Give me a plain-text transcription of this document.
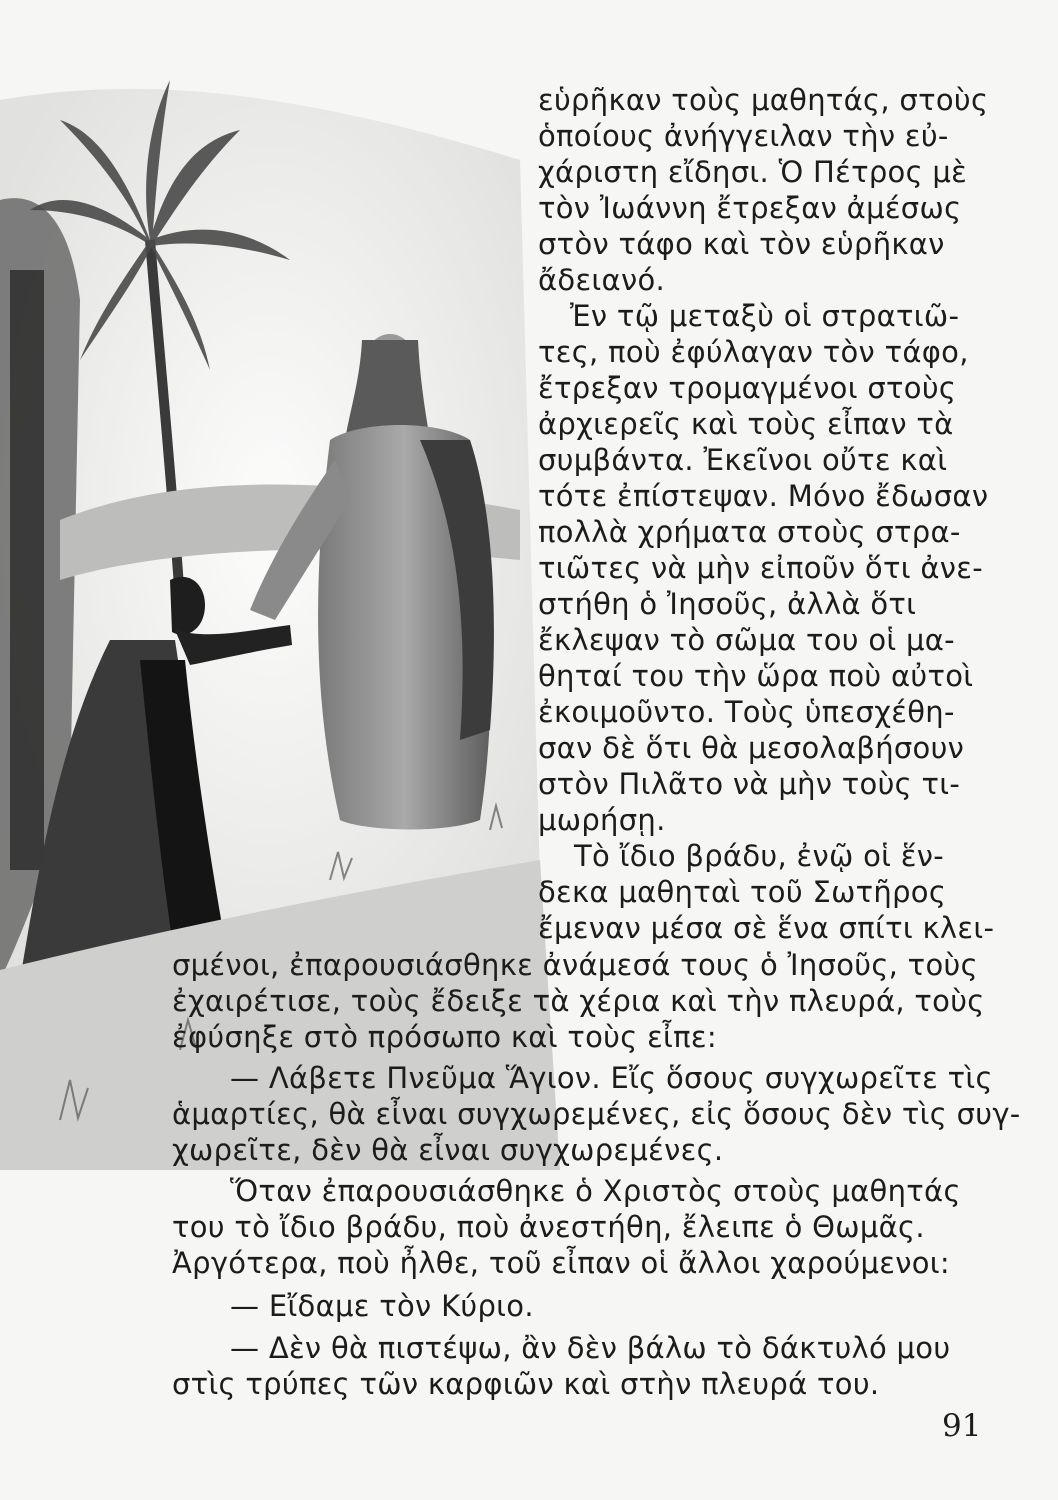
εὑρῆκαν τοὺς μαθητάς, στοὺς
ὁποίους ἀνήγγειλαν τὴν εὐ-
χάριστη εἴδησι. Ὁ Πέτρος μὲ
τὸν Ἰωάννη ἔτρεξαν ἀμέσως
στὸν τάφο καὶ τὸν εὑρῆκαν
ἄδειανό.
Ἐν τῷ μεταξὺ οἱ στρατιῶ-
τες, ποὺ ἐφύλαγαν τὸν τάφο,
ἔτρεξαν τρομαγμένοι στοὺς
ἀρχιερεῖς καὶ τοὺς εἶπαν τὰ
συμβάντα. Ἐκεῖνοι οὔτε καὶ
τότε ἐπίστεψαν. Μόνο ἔδωσαν
πολλὰ χρήματα στοὺς στρα-
τιῶτες νὰ μὴν εἰποῦν ὅτι ἀνε-
στήθη ὁ Ἰησοῦς, ἀλλὰ ὅτι
ἔκλεψαν τὸ σῶμα του οἱ μα-
θηταί του τὴν ὥρα ποὺ αὐτοὶ
ἐκοιμοῦντο. Τοὺς ὑπεσχέθη-
σαν δὲ ὅτι θὰ μεσολαβήσουν
στὸν Πιλᾶτο νὰ μὴν τοὺς τι-
μωρήσῃ.
Τὸ ἴδιο βράδυ, ἐνῷ οἱ ἕν-
δεκα μαθηταὶ τοῦ Σωτῆρος
ἔμεναν μέσα σὲ ἕνα σπίτι κλει-
σμένοι, ἐπαρουσιάσθηκε ἀνάμεσά τους ὁ Ἰησοῦς, τοὺς
ἐχαιρέτισε, τοὺς ἔδειξε τὰ χέρια καὶ τὴν πλευρά, τοὺς
ἐφύσηξε στὸ πρόσωπο καὶ τοὺς εἶπε:
— Λάβετε Πνεῦμα Ἅγιον. Εἴς ὅσους συγχωρεῖτε τὶς
ἁμαρτίες, θὰ εἶναι συγχωρεμένες, εἰς ὅσους δὲν τὶς συγ-
χωρεῖτε, δὲν θὰ εἶναι συγχωρεμένες.
Ὅταν ἐπαρουσιάσθηκε ὁ Χριστὸς στοὺς μαθητάς
του τὸ ἴδιο βράδυ, ποὺ ἀνεστήθη, ἔλειπε ὁ Θωμᾶς.
Ἀργότερα, ποὺ ἦλθε, τοῦ εἶπαν οἱ ἄλλοι χαρούμενοι:
— Εἴδαμε τὸν Κύριο.
— Δὲν θὰ πιστέψω, ἂν δὲν βάλω τὸ δάκτυλό μου
στὶς τρύπες τῶν καρφιῶν καὶ στὴν πλευρά του.
91
